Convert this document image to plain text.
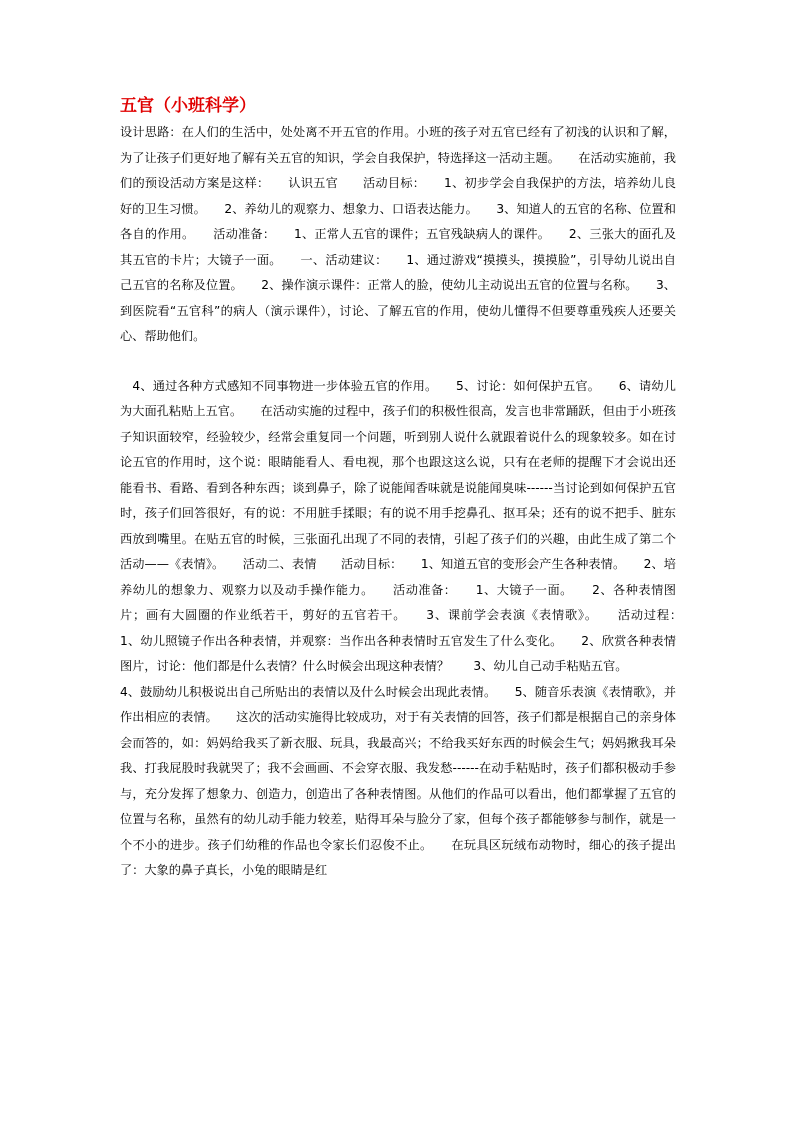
五官（小班科学）

设计思路：在人们的生活中，处处离不开五官的作用。小班的孩子对五官已经有了初浅的认识和了解，为了让孩子们更好地了解有关五官的知识，学会自我保护，特选择这一活动主题。　　在活动实施前，我们的预设活动方案是这样：　　认识五官　　活动目标：　　1、初步学会自我保护的方法，培养幼儿良好的卫生习惯。　　2、养幼儿的观察力、想象力、口语表达能力。　　3、知道人的五官的名称、位置和各自的作用。　　活动准备：　　1、正常人五官的课件；五官残缺病人的课件。　　2、三张大的面孔及其五官的卡片；大镜子一面。　　一、活动建议：　　1、通过游戏“摸摸头，摸摸脸”，引导幼儿说出自己五官的名称及位置。　　2、操作演示课件：正常人的脸，使幼儿主动说出五官的位置与名称。　　3、到医院看“五官科”的病人（演示课件），讨论、了解五官的作用，使幼儿懂得不但要尊重残疾人还要关心、帮助他们。

　4、通过各种方式感知不同事物进一步体验五官的作用。　　5、讨论：如何保护五官。　　6、请幼儿为大面孔粘贴上五官。　　在活动实施的过程中，孩子们的积极性很高，发言也非常踊跃，但由于小班孩子知识面较窄，经验较少，经常会重复同一个问题，听到别人说什么就跟着说什么的现象较多。如在讨论五官的作用时，这个说：眼睛能看人、看电视，那个也跟这这么说，只有在老师的提醒下才会说出还能看书、看路、看到各种东西；谈到鼻子，除了说能闻香味就是说能闻臭味------当讨论到如何保护五官时，孩子们回答很好，有的说：不用脏手揉眼；有的说不用手挖鼻孔、抠耳朵；还有的说不把手、脏东西放到嘴里。在贴五官的时候，三张面孔出现了不同的表情，引起了孩子们的兴趣，由此生成了第二个活动——《表情》。　　活动二、表情　　活动目标：　　1、知道五官的变形会产生各种表情。　　2、培养幼儿的想象力、观察力以及动手操作能力。　　活动准备：　　1、大镜子一面。　　2、各种表情图片；画有大圆圈的作业纸若干，剪好的五官若干。　　3、课前学会表演《表情歌》。　　活动过程：　　1、幼儿照镜子作出各种表情，并观察：当作出各种表情时五官发生了什么变化。　　2、欣赏各种表情图片，讨论：他们都是什么表情？什么时候会出现这种表情？　　3、幼儿自己动手粘贴五官。

4、鼓励幼儿积极说出自己所贴出的表情以及什么时候会出现此表情。　　5、随音乐表演《表情歌》，并作出相应的表情。　　这次的活动实施得比较成功，对于有关表情的回答，孩子们都是根据自己的亲身体会而答的，如：妈妈给我买了新衣服、玩具，我最高兴；不给我买好东西的时候会生气；妈妈揪我耳朵我、打我屁股时我就哭了；我不会画画、不会穿衣服、我发愁------在动手粘贴时，孩子们都积极动手参与，充分发挥了想象力、创造力，创造出了各种表情图。从他们的作品可以看出，他们都掌握了五官的位置与名称，虽然有的幼儿动手能力较差，贴得耳朵与脸分了家，但每个孩子都能够参与制作，就是一个不小的进步。孩子们幼稚的作品也令家长们忍俊不止。　　在玩具区玩绒布动物时，细心的孩子提出了：大象的鼻子真长，小兔的眼睛是红
